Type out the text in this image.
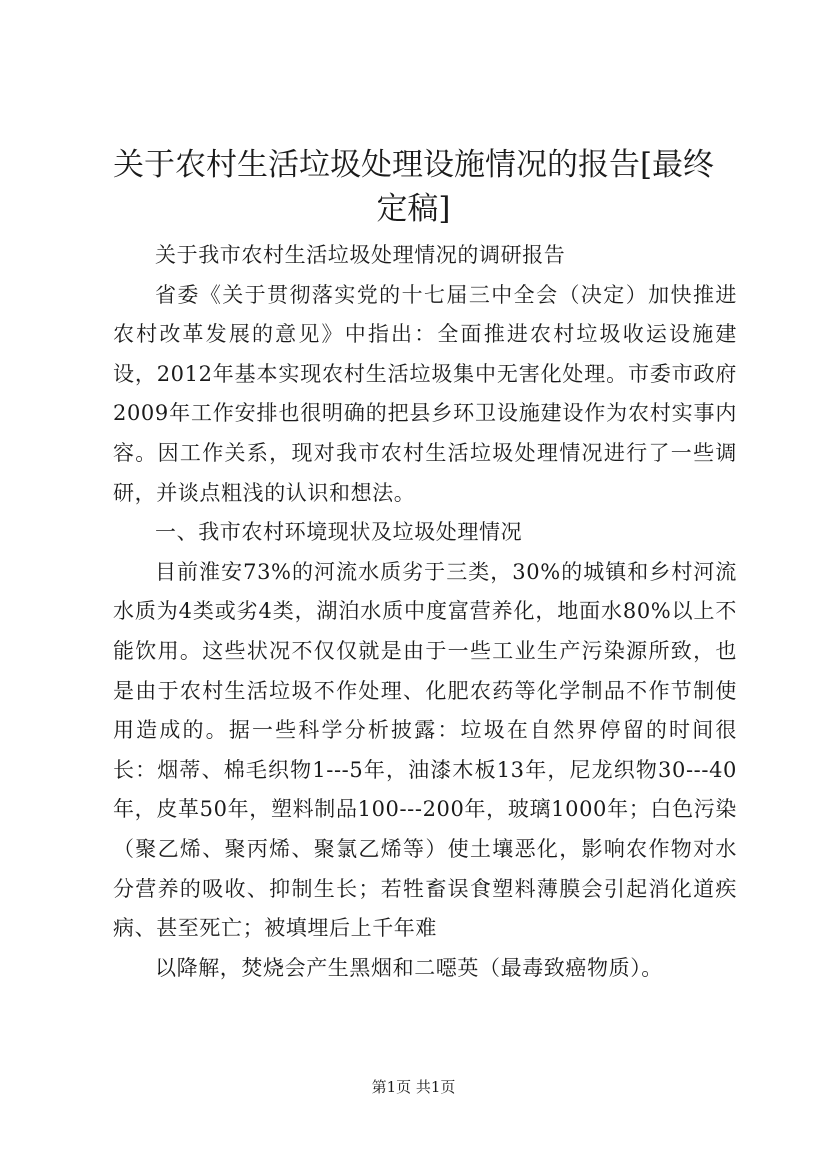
关于农村生活垃圾处理设施情况的报告[最终定稿]

关于我市农村生活垃圾处理情况的调研报告

省委《关于贯彻落实党的十七届三中全会（决定）加快推进农村改革发展的意见》中指出：全面推进农村垃圾收运设施建设，2012年基本实现农村生活垃圾集中无害化处理。市委市政府2009年工作安排也很明确的把县乡环卫设施建设作为农村实事内容。因工作关系，现对我市农村生活垃圾处理情况进行了一些调研，并谈点粗浅的认识和想法。

一、我市农村环境现状及垃圾处理情况

目前淮安73%的河流水质劣于三类，30%的城镇和乡村河流水质为4类或劣4类，湖泊水质中度富营养化，地面水80%以上不能饮用。这些状况不仅仅就是由于一些工业生产污染源所致，也是由于农村生活垃圾不作处理、化肥农药等化学制品不作节制使用造成的。据一些科学分析披露：垃圾在自然界停留的时间很长：烟蒂、棉毛织物1---5年，油漆木板13年，尼龙织物30---40年，皮革50年，塑料制品100---200年，玻璃1000年；白色污染（聚乙烯、聚丙烯、聚氯乙烯等）使土壤恶化，影响农作物对水分营养的吸收、抑制生长；若牲畜误食塑料薄膜会引起消化道疾病、甚至死亡；被填埋后上千年难

以降解，焚烧会产生黑烟和二噁英（最毒致癌物质）。

第1页 共1页
